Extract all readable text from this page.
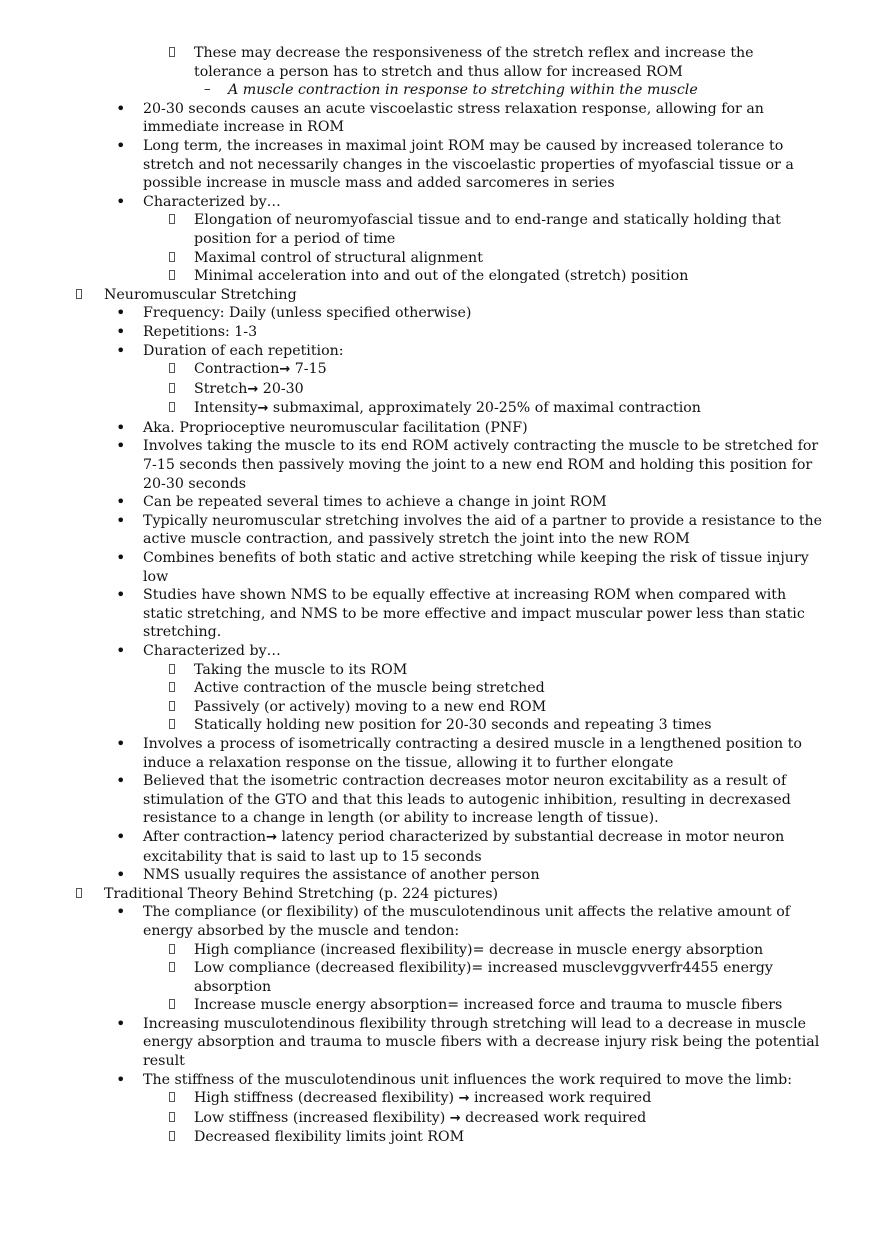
These may decrease the responsiveness of the stretch reflex and increase the tolerance a person has to stretch and thus allow for increased ROM
– A muscle contraction in response to stretching within the muscle
• 20-30 seconds causes an acute viscoelastic stress relaxation response, allowing for an immediate increase in ROM
• Long term, the increases in maximal joint ROM may be caused by increased tolerance to stretch and not necessarily changes in the viscoelastic properties of myofascial tissue or a possible increase in muscle mass and added sarcomeres in series
• Characterized by…
Elongation of neuromyofascial tissue and to end-range and statically holding that position for a period of time
Maximal control of structural alignment
Minimal acceleration into and out of the elongated (stretch) position
Neuromuscular Stretching
• Frequency: Daily (unless specified otherwise)
• Repetitions: 1-3
• Duration of each repetition:
Contraction→ 7-15
Stretch→ 20-30
Intensity→ submaximal, approximately 20-25% of maximal contraction
• Aka. Proprioceptive neuromuscular facilitation (PNF)
• Involves taking the muscle to its end ROM actively contracting the muscle to be stretched for 7-15 seconds then passively moving the joint to a new end ROM and holding this position for 20-30 seconds
• Can be repeated several times to achieve a change in joint ROM
• Typically neuromuscular stretching involves the aid of a partner to provide a resistance to the active muscle contraction, and passively stretch the joint into the new ROM
• Combines benefits of both static and active stretching while keeping the risk of tissue injury low
• Studies have shown NMS to be equally effective at increasing ROM when compared with static stretching, and NMS to be more effective and impact muscular power less than static stretching.
• Characterized by…
Taking the muscle to its ROM
Active contraction of the muscle being stretched
Passively (or actively) moving to a new end ROM
Statically holding new position for 20-30 seconds and repeating 3 times
• Involves a process of isometrically contracting a desired muscle in a lengthened position to induce a relaxation response on the tissue, allowing it to further elongate
• Believed that the isometric contraction decreases motor neuron excitability as a result of stimulation of the GTO and that this leads to autogenic inhibition, resulting in decrexased resistance to a change in length (or ability to increase length of tissue).
• After contraction→ latency period characterized by substantial decrease in motor neuron excitability that is said to last up to 15 seconds
• NMS usually requires the assistance of another person
Traditional Theory Behind Stretching (p. 224 pictures)
• The compliance (or flexibility) of the musculotendinous unit affects the relative amount of energy absorbed by the muscle and tendon:
High compliance (increased flexibility)= decrease in muscle energy absorption
Low compliance (decreased flexibility)= increased musclevggvverfr4455 energy absorption
Increase muscle energy absorption= increased force and trauma to muscle fibers
• Increasing musculotendinous flexibility through stretching will lead to a decrease in muscle energy absorption and trauma to muscle fibers with a decrease injury risk being the potential result
• The stiffness of the musculotendinous unit influences the work required to move the limb:
High stiffness (decreased flexibility) → increased work required
Low stiffness (increased flexibility) → decreased work required
Decreased flexibility limits joint ROM
